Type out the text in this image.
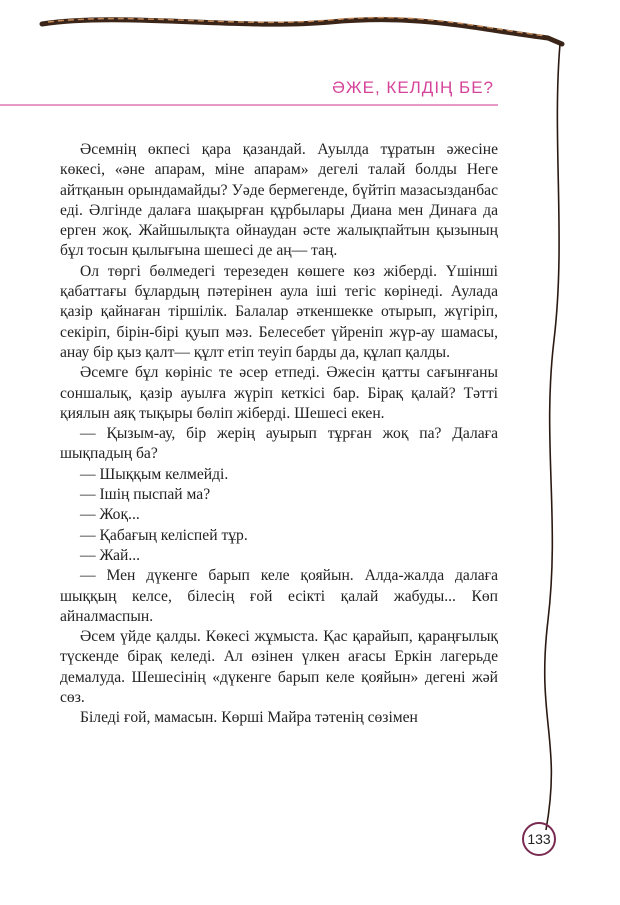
ӘЖЕ, КЕЛДІҢ БЕ?

Әсемнің өкпесі қара қазандай. Ауылда тұратын әжесіне көкесі, «әне апарам, міне апарам» дегелі талай болды Неге айтқанын орындамайды? Уәде бермегенде, бүйтіп мазасызданбас еді. Әлгінде далаға шақырған құрбылары Диана мен Динаға да ерген жоқ. Жайшылықта ойнаудан әсте жалықпайтын қызының бұл тосын қылығына шешесі де аң— таң.

Ол төргі бөлмедегі терезеден көшеге көз жіберді. Үшінші қабаттағы бұлардың пәтерінен аула іші тегіс көрінеді. Аулада қазір қайнаған тіршілік. Балалар әткеншекке отырып, жүгіріп, секіріп, бірін-бірі қуып мәз. Белесебет үйреніп жүр-ау шамасы, анау бір қыз қалт— құлт етіп теуіп барды да, құлап қалды.

Әсемге бұл көрініс те әсер етпеді. Әжесін қатты сағынғаны соншалық, қазір ауылға жүріп кеткісі бар. Бірақ қалай? Тәтті қиялын аяқ тықыры бөліп жіберді. Шешесі екен.

— Қызым-ау, бір жерің ауырып тұрған жоқ па? Далаға шықпадың ба?

— Шыққым келмейді.

— Ішің пыспай ма?

— Жоқ...

— Қабағың келіспей тұр.

— Жай...

— Мен дүкенге барып келе қояйын. Алда-жалда далаға шыққың келсе, білесің ғой есікті қалай жабуды... Көп айналмаспын.

Әсем үйде қалды. Көкесі жұмыста. Қас қарайып, қараңғылық түскенде бірақ келеді. Ал өзінен үлкен ағасы Еркін лагерьде демалуда. Шешесінің «дүкенге барып келе қояйын» дегені жәй сөз.

Біледі ғой, мамасын. Көрші Майра тәтенің сөзімен

133
